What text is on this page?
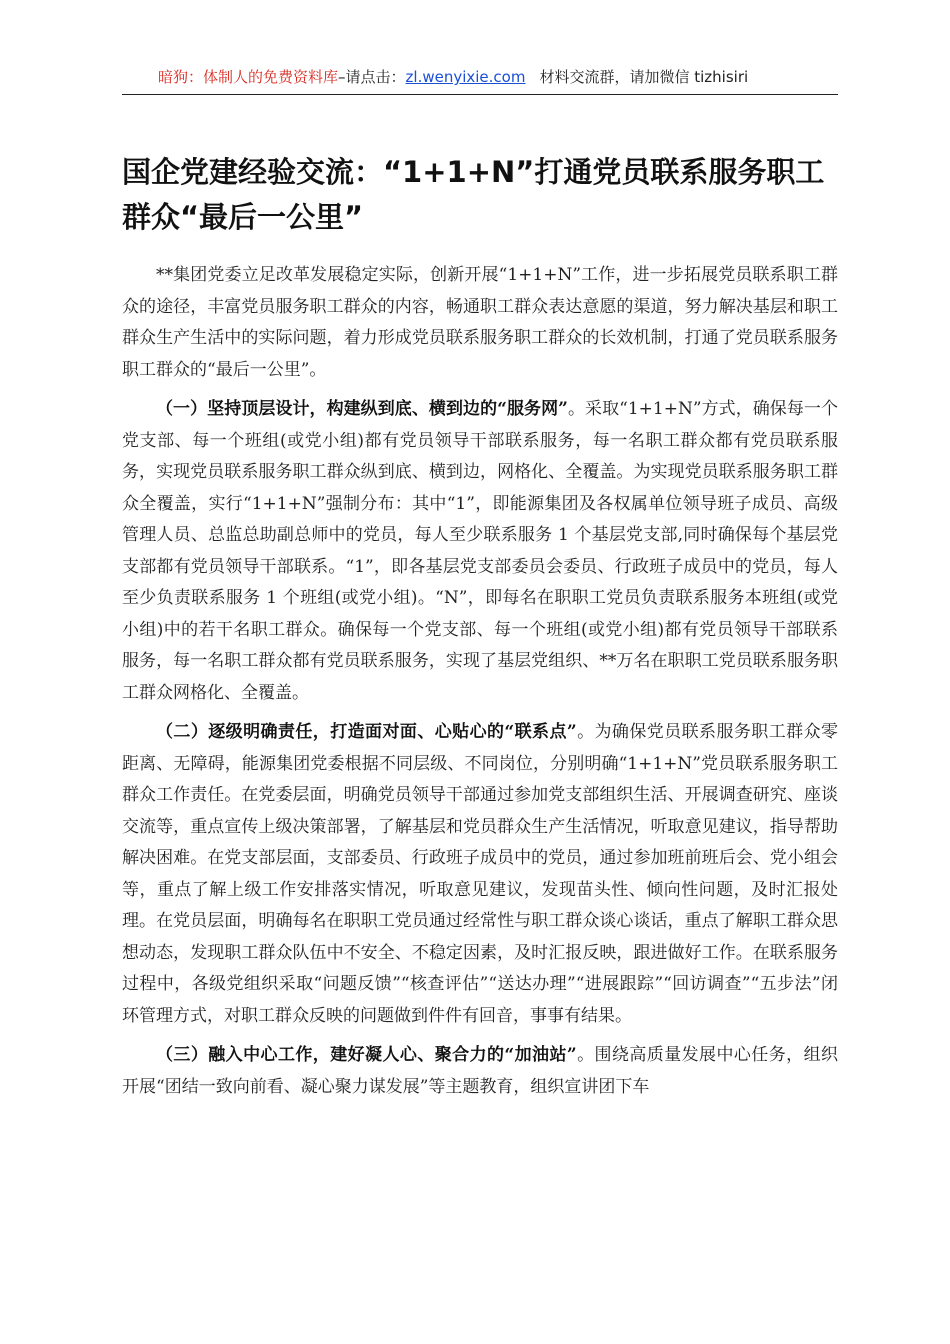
暗狗：体制人的免费资料库–请点击：zl.wenyixie.com 材料交流群，请加微信 tizhisiri
国企党建经验交流：“1+1+N”打通党员联系服务职工群众“最后一公里”

**集团党委立足改革发展稳定实际，创新开展“1+1+N”工作，进一步拓展党员联系职工群众的途径，丰富党员服务职工群众的内容，畅通职工群众表达意愿的渠道，努力解决基层和职工群众生产生活中的实际问题，着力形成党员联系服务职工群众的长效机制，打通了党员联系服务职工群众的“最后一公里”。

（一）坚持顶层设计，构建纵到底、横到边的“服务网”。采取“1+1+N”方式，确保每一个党支部、每一个班组(或党小组)都有党员领导干部联系服务，每一名职工群众都有党员联系服务，实现党员联系服务职工群众纵到底、横到边，网格化、全覆盖。为实现党员联系服务职工群众全覆盖，实行“1+1+N”强制分布：其中“1”，即能源集团及各权属单位领导班子成员、高级管理人员、总监总助副总师中的党员，每人至少联系服务 1 个基层党支部,同时确保每个基层党支部都有党员领导干部联系。“1”，即各基层党支部委员会委员、行政班子成员中的党员，每人至少负责联系服务 1 个班组(或党小组)。“N”，即每名在职职工党员负责联系服务本班组(或党小组)中的若干名职工群众。确保每一个党支部、每一个班组(或党小组)都有党员领导干部联系服务，每一名职工群众都有党员联系服务，实现了基层党组织、**万名在职职工党员联系服务职工群众网格化、全覆盖。

（二）逐级明确责任，打造面对面、心贴心的“联系点”。为确保党员联系服务职工群众零距离、无障碍，能源集团党委根据不同层级、不同岗位，分别明确“1+1+N”党员联系服务职工群众工作责任。在党委层面，明确党员领导干部通过参加党支部组织生活、开展调查研究、座谈交流等，重点宣传上级决策部署，了解基层和党员群众生产生活情况，听取意见建议，指导帮助解决困难。在党支部层面，支部委员、行政班子成员中的党员，通过参加班前班后会、党小组会等，重点了解上级工作安排落实情况，听取意见建议，发现苗头性、倾向性问题，及时汇报处理。在党员层面，明确每名在职职工党员通过经常性与职工群众谈心谈话，重点了解职工群众思想动态，发现职工群众队伍中不安全、不稳定因素，及时汇报反映，跟进做好工作。在联系服务过程中，各级党组织采取“问题反馈”“核查评估”“送达办理”“进展跟踪”“回访调查”“五步法”闭环管理方式，对职工群众反映的问题做到件件有回音，事事有结果。

（三）融入中心工作，建好凝人心、聚合力的“加油站”。围绕高质量发展中心任务，组织开展“团结一致向前看、凝心聚力谋发展”等主题教育，组织宣讲团下车
